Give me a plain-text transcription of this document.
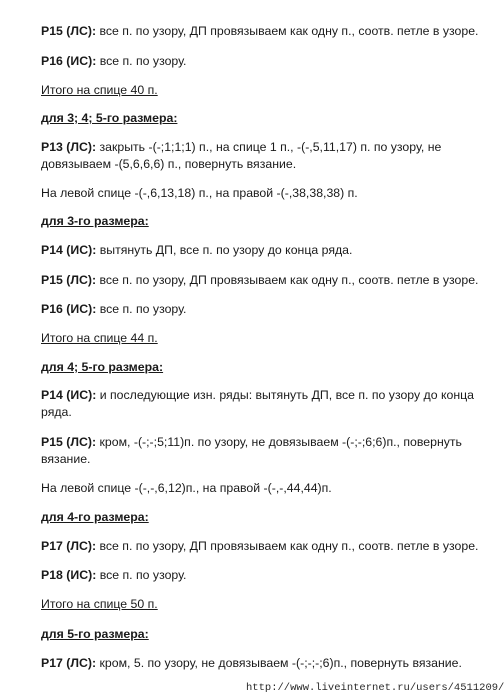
Р15 (ЛС): все п. по узору, ДП провязываем как одну п., соотв. петле в узоре.
Р16 (ИС): все п. по узору.
Итого на спице 40 п.
для 3; 4; 5-го размера:
Р13 (ЛС): закрыть -(-;1;1;1) п., на спице 1 п., -(-,5,11,17) п. по узору, не довязываем -(5,6,6,6) п., повернуть вязание.
На левой спице -(-,6,13,18) п., на правой -(-,38,38,38) п.
для 3-го размера:
Р14 (ИС): вытянуть ДП, все п. по узору до конца ряда.
Р15 (ЛС): все п. по узору, ДП провязываем как одну п., соотв. петле в узоре.
Р16 (ИС): все п. по узору.
Итого на спице 44 п.
для 4; 5-го размера:
Р14 (ИС): и последующие изн. ряды: вытянуть ДП, все п. по узору до конца ряда.
Р15 (ЛС): кром, -(-;-;5;11)п. по узору, не довязываем -(-;-;6;6)п., повернуть вязание.
На левой спице -(-,-,6,12)п., на правой -(-,-,44,44)п.
для 4-го размера:
Р17 (ЛС): все п. по узору, ДП провязываем как одну п., соотв. петле в узоре.
Р18 (ИС): все п. по узору.
Итого на спице 50 п.
для 5-го размера:
Р17 (ЛС): кром, 5. по узору, не довязываем -(-;-;-;6)п., повернуть вязание.
http://www.liveinternet.ru/users/4511209/
